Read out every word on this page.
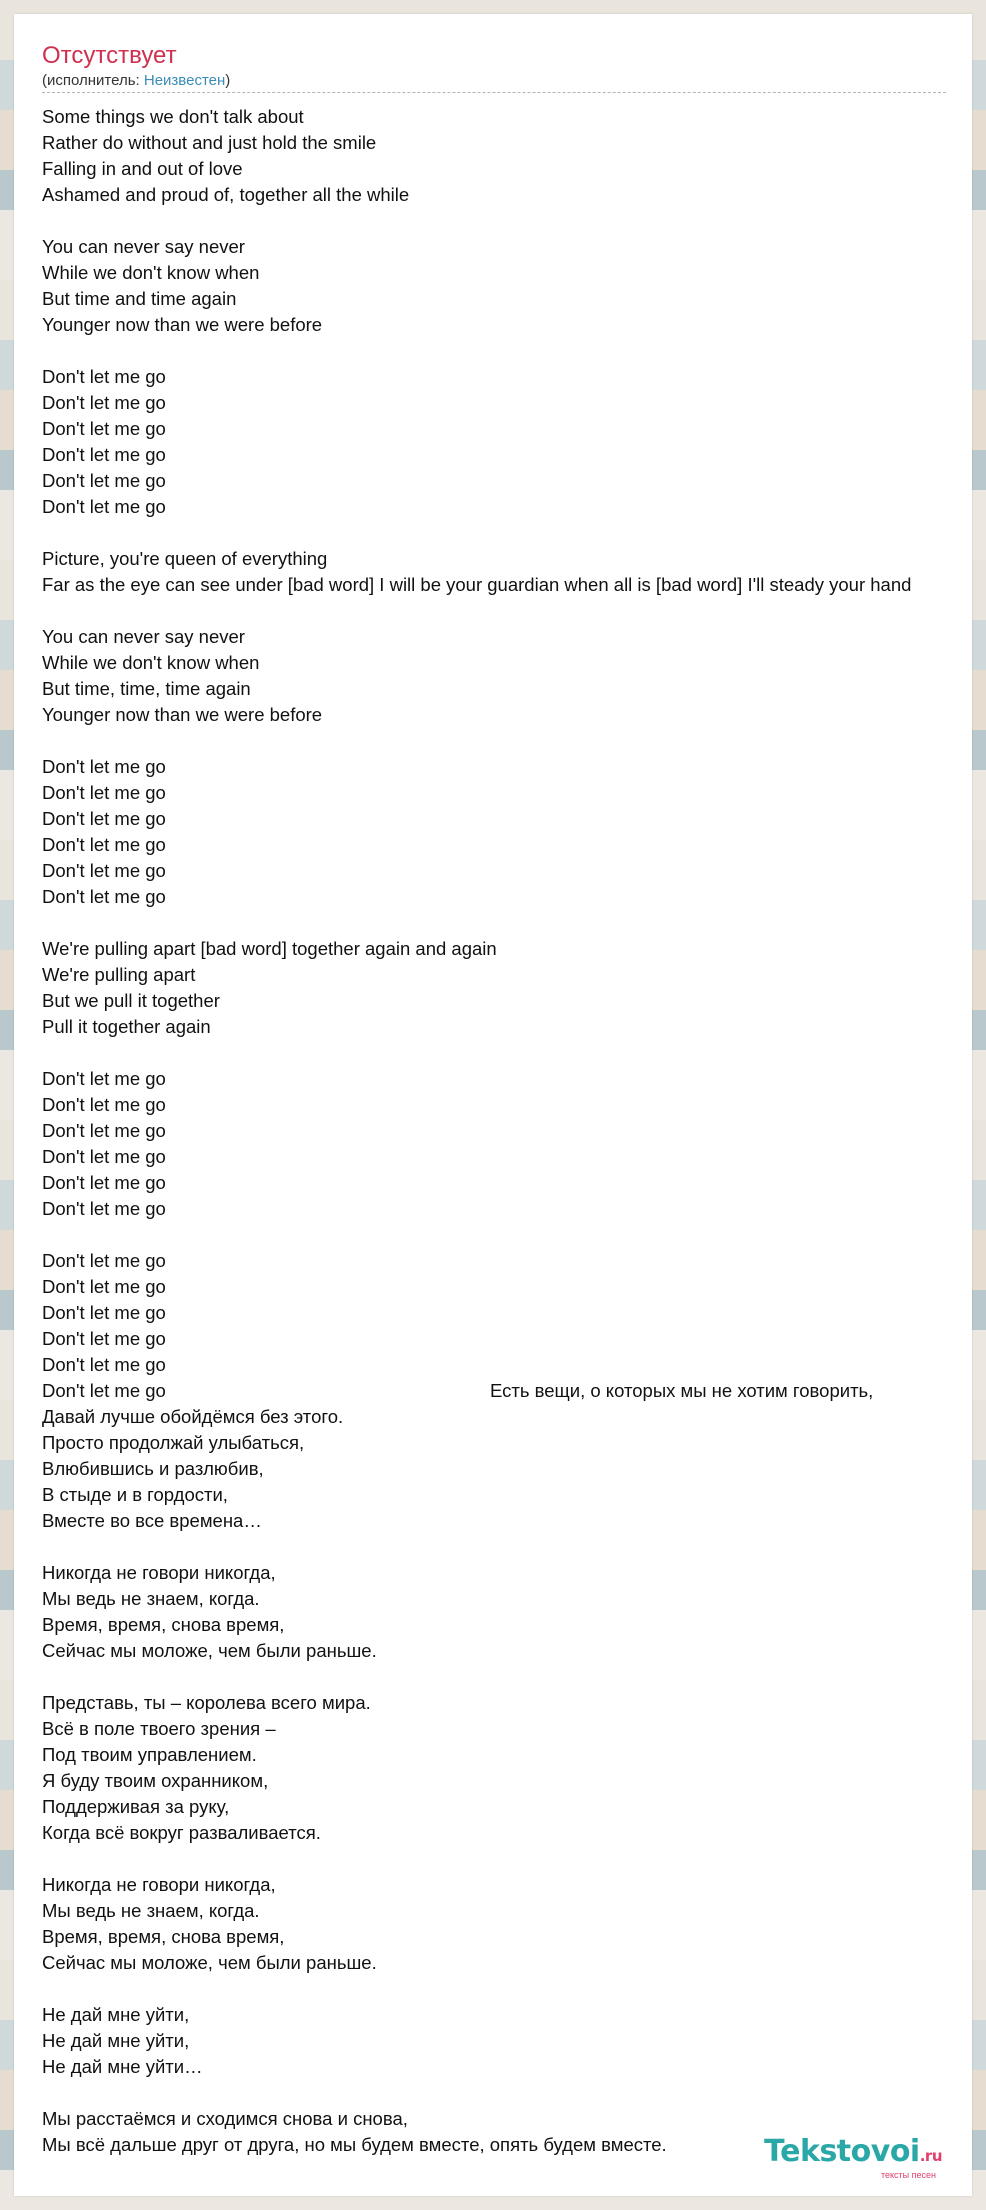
Отсутствует
(исполнитель: Неизвестен)
Some things we don't talk about
Rather do without and just hold the smile
Falling in and out of love
Ashamed and proud of, together all the while
You can never say never
While we don't know when
But time and time again
Younger now than we were before
Don't let me go
Don't let me go
Don't let me go
Don't let me go
Don't let me go
Don't let me go
Picture, you're queen of everything
Far as the eye can see under [bad word] I will be your guardian when all is [bad word] I'll steady your hand
You can never say never
While we don't know when
But time, time, time again
Younger now than we were before
Don't let me go
Don't let me go
Don't let me go
Don't let me go
Don't let me go
Don't let me go
We're pulling apart [bad word] together again and again
We're pulling apart
But we pull it together
Pull it together again
Don't let me go
Don't let me go
Don't let me go
Don't let me go
Don't let me go
Don't let me go
Don't let me go
Don't let me go
Don't let me go
Don't let me go
Don't let me go
Don't let me go
Давай лучше обойдёмся без этого.
Просто продолжай улыбаться,
Влюбившись и разлюбив,
В стыде и в гордости,
Вместе во все времена…
Никогда не говори никогда,
Мы ведь не знаем, когда.
Время, время, снова время,
Сейчас мы моложе, чем были раньше.
Представь, ты – королева всего мира.
Всё в поле твоего зрения –
Под твоим управлением.
Я буду твоим охранником,
Поддерживая за руку,
Когда всё вокруг разваливается.
Никогда не говори никогда,
Мы ведь не знаем, когда.
Время, время, снова время,
Сейчас мы моложе, чем были раньше.
Не дай мне уйти,
Не дай мне уйти,
Не дай мне уйти…
Мы расстаёмся и сходимся снова и снова,
Мы всё дальше друг от друга, но мы будем вместе, опять будем вместе.
Есть вещи, о которых мы не хотим говорить,
Tekstovoi.ru
тексты песен
